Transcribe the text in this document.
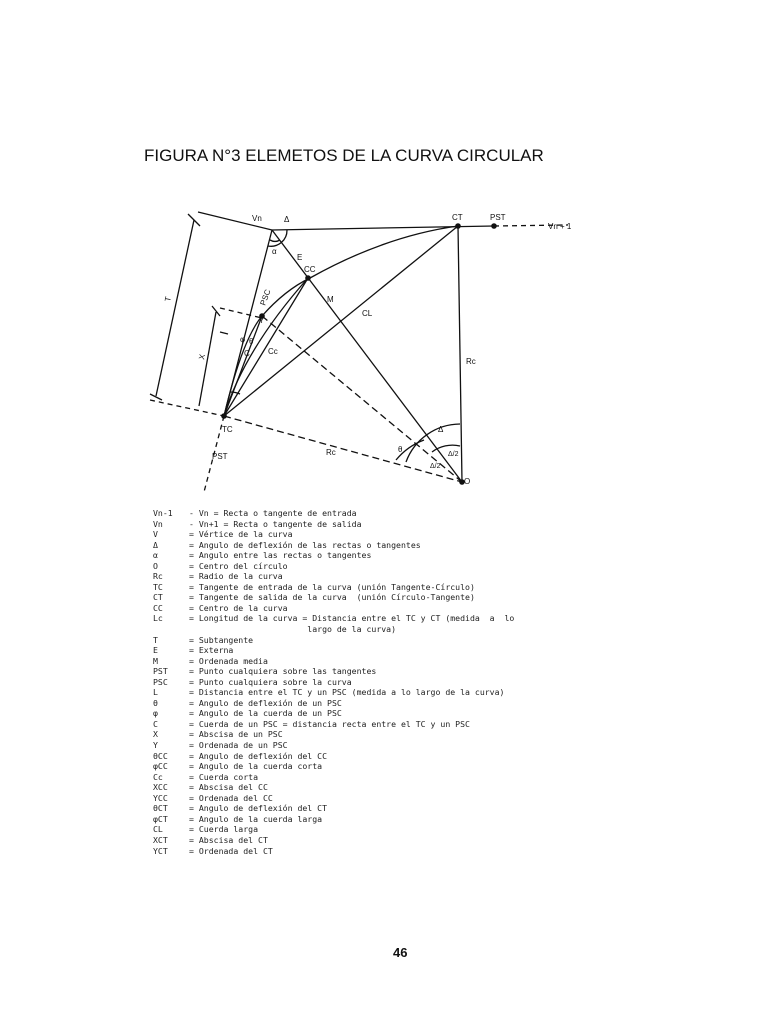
FIGURA N°3 ELEMETOS DE LA CURVA CIRCULAR
Vn	Δ	CT	PST
Vn + 1
α
E
CC
M
PSC
Y
T
CL
X
φ
C
θ
Cc
Rc
TC
PST	Rc	θ
Δ
Δ/2
Δ/2
O
Vn-1	- Vn = Recta o tangente de entrada
Vn	- Vn+1 = Recta o tangente de salida
V	= Vértice de la curva
Δ	= Angulo de deflexión de las rectas o tangentes
α	= Angulo entre las rectas o tangentes
O	= Centro del círculo
Rc	= Radio de la curva
TC	= Tangente de entrada de la curva (unión Tangente-Círculo)
CT	= Tangente de salida de la curva  (unión Círculo-Tangente)
CC	= Centro de la curva
Lc	= Longitud de la curva = Distancia entre el TC y CT (medida  a  lo
largo de la curva)
T	= Subtangente
E	= Externa
M	= Ordenada media
PST	= Punto cualquiera sobre las tangentes
PSC	= Punto cualquiera sobre la curva
L	= Distancia entre el TC y un PSC (medida a lo largo de la curva)
θ	= Angulo de deflexión de un PSC
φ	= Angulo de la cuerda de un PSC
C	= Cuerda de un PSC = distancia recta entre el TC y un PSC
X	= Abscisa de un PSC
Y	= Ordenada de un PSC
θCC	= Angulo de deflexión del CC
φCC	= Angulo de la cuerda corta
Cc	= Cuerda corta
XCC	= Abscisa del CC
YCC	= Ordenada del CC
θCT	= Angulo de deflexión del CT
φCT	= Angulo de la cuerda larga
CL	= Cuerda larga
XCT	= Abscisa del CT
YCT	= Ordenada del CT
46
